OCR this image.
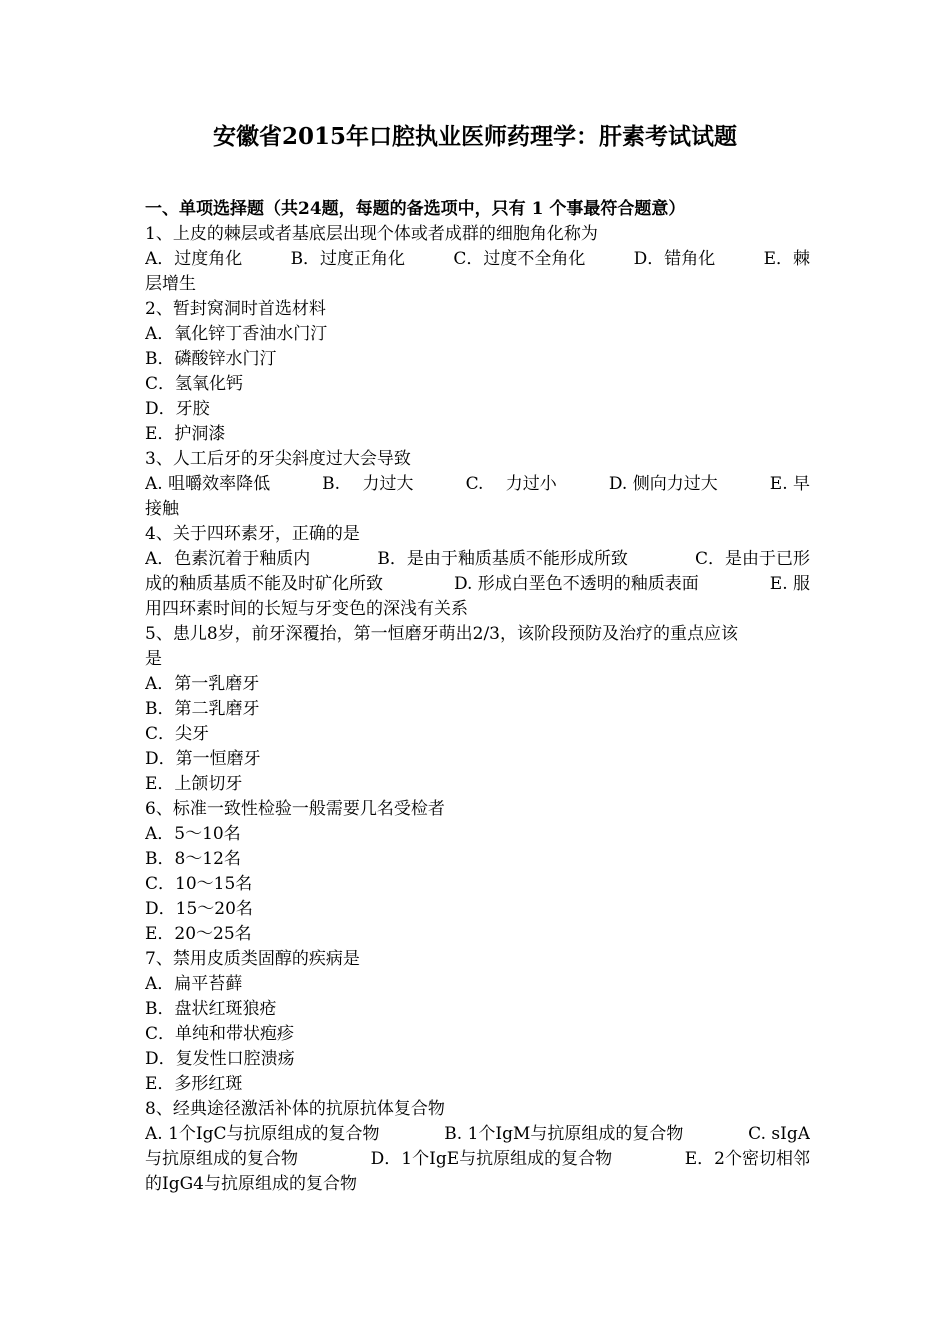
安徽省2015年口腔执业医师药理学：肝素考试试题
一、单项选择题（共24题，每题的备选项中，只有 1 个事最符合题意）
1、上皮的棘层或者基底层出现个体或者成群的细胞角化称为
A．过度角化	B．过度正角化	C．过度不全角化	D．错角化	E．棘
层增生
2、暂封窝洞时首选材料
A．氧化锌丁香油水门汀
B．磷酸锌水门汀
C．氢氧化钙
D．牙胶
E．护洞漆
3、人工后牙的牙尖斜度过大会导致
A. 咀嚼效率降低	B.　 力过大	C.　 力过小	D. 侧向力过大	E. 早
接触
4、关于四环素牙，正确的是
A．色素沉着于釉质内	B．是由于釉质基质不能形成所致	C．是由于已形
成的釉质基质不能及时矿化所致	D. 形成白垩色不透明的釉质表面	E. 服
用四环素时间的长短与牙变色的深浅有关系
5、患儿8岁，前牙深覆抬，第一恒磨牙萌出2/3，该阶段预防及治疗的重点应该
是
A．第一乳磨牙
B．第二乳磨牙
C．尖牙
D．第一恒磨牙
E．上颌切牙
6、标准一致性检验一般需要几名受检者
A．5～10名
B．8～12名
C．10～15名
D．15～20名
E．20～25名
7、禁用皮质类固醇的疾病是
A．扁平苔藓
B．盘状红斑狼疮
C．单纯和带状疱疹
D．复发性口腔溃疡
E．多形红斑
8、经典途径激活补体的抗原抗体复合物
A. 1个IgC与抗原组成的复合物	B. 1个IgM与抗原组成的复合物	C. sIgA
与抗原组成的复合物	D．1个IgE与抗原组成的复合物	E．2个密切相邻
的IgG4与抗原组成的复合物
